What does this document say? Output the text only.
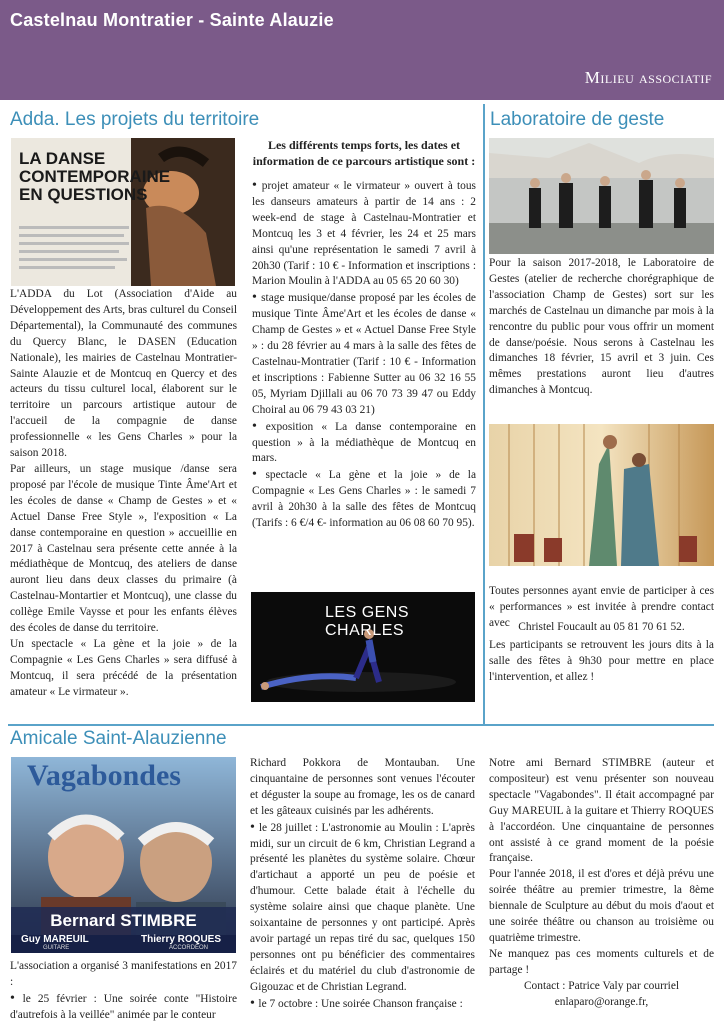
Castelnau Montratier - Sainte Alauzie
Milieu associatif
Adda. Les projets du territoire
LA DANSE
CONTEMPORAINE
EN QUESTIONS

L'ADDA du Lot (Association d'Aide au Développement des Arts, bras culturel du Conseil Départemental), la Communauté des communes du Quercy Blanc, le DASEN (Education Nationale), les mairies de Castelnau Montratier-Sainte Alauzie et de Montcuq en Quercy et des acteurs du tissu culturel local, élaborent sur le territoire un parcours artistique autour de l'accueil de la compagnie de danse professionnelle « les Gens Charles » pour la saison 2018.

Par ailleurs, un stage musique /danse sera proposé par l'école de musique Tinte Âme'Art et les écoles de danse « Champ de Gestes » et « Actuel Danse Free Style », l'exposition « La danse contemporaine en question » accueillie en 2017 à Castelnau sera présente cette année à la médiathèque de Montcuq, des ateliers de danse auront lieu dans deux classes du primaire (à Castelnau-Montartier et Montcuq), une classe du collège Emile Vaysse et pour les enfants élèves des écoles de danse du territoire.

Un spectacle « La gène et la joie » de la Compagnie « Les Gens Charles » sera diffusé à Montcuq, il sera précédé de la présentation amateur « Le virmateur ».

Les différents temps forts, les dates et information de ce parcours artistique sont :

• projet amateur « le virmateur » ouvert à tous les danseurs amateurs à partir de 14 ans : 2 week-end de stage à Castelnau-Montratier et Montcuq les 3 et 4 février, les 24 et 25 mars ainsi qu'une représentation le samedi 7 avril à 20h30 (Tarif : 10 € - Information et inscriptions : Marion Moulin à l'ADDA au 05 65 20 60 30)

• stage musique/danse proposé par les écoles de musique Tinte Âme'Art et les écoles de danse « Champ de Gestes » et « Actuel Danse Free Style » : du 28 février au 4 mars à la salle des fêtes de Castelnau-Montratier (Tarif : 10 € - Information et inscriptions : Fabienne Sutter au 06 32 16 55 05, Myriam Djillali au 06 70 73 39 47 ou Eddy Choiral au 06 79 43 03 21)

• exposition « La danse contemporaine en question » à la médiathèque de Montcuq en mars.

• spectacle « La gène et la joie » de la Compagnie « Les Gens Charles » : le samedi 7 avril à 20h30 à la salle des fêtes de Montcuq (Tarifs : 6 €/4 €- information au 06 08 60 70 95).

LES GENS CHARLES
Laboratoire de geste
Pour la saison 2017-2018, le Laboratoire de Gestes (atelier de recherche chorégraphique de l'association Champ de Gestes) sort sur les marchés de Castelnau un dimanche par mois à la rencontre du public pour vous offrir un moment de danse/poésie. Nous serons à Castelnau les dimanches 18 février, 15 avril et 3 juin. Ces mêmes prestations auront lieu d'autres dimanches à Montcuq.
Toutes personnes ayant envie de participer à ces « performances » est invitée à prendre contact avec Christel Foucault au 05 81 70 61 52.
Les participants se retrouvent les jours dits à la salle des fêtes à 9h30 pour mettre en place l'intervention, et allez !
Amicale Saint-Alauzienne
Vagabondes
Bernard STIMBRE
Guy MAREUIL
GUITARE
Thierry ROQUES
ACCORDÉON

L'association a organisé 3 manifestations en 2017 :

• le 25 février : Une soirée conte "Histoire d'autrefois à la veillée" animée par le conteur

Richard Pokkora de Montauban. Une cinquantaine de personnes sont venues l'écouter et déguster la soupe au fromage, les os de canard et les gâteaux cuisinés par les adhérents.

• le 28 juillet : L'astronomie au Moulin : L'après midi, sur un circuit de 6 km, Christian Legrand a présenté les planètes du système solaire. Chœur d'artichaut a apporté un peu de poésie et d'humour. Cette balade était à l'échelle du système solaire ainsi que chaque planète. Une soixantaine de personnes y ont participé. Après avoir partagé un repas tiré du sac, quelques 150 personnes ont pu bénéficier des commentaires éclairés et du matériel du club d'astronomie de Gigouzac et de Christian Legrand.

• le 7 octobre : Une soirée Chanson française :

Notre ami Bernard STIMBRE (auteur et compositeur) est venu présenter son nouveau spectacle "Vagabondes". Il était accompagné par Guy MAREUIL à la guitare et Thierry ROQUES à l'accordéon. Une cinquantaine de personnes ont assisté à ce grand moment de la poésie française.

Pour l'année 2018, il est d'ores et déjà prévu une soirée théâtre au premier trimestre, la 8ème biennale de Sculpture au début du mois d'aout et une soirée théâtre ou chanson au troisième ou quatrième trimestre.

Ne manquez pas ces moments culturels et de partage !

Contact : Patrice Valy par courriel

enlaparo@orange.fr,
